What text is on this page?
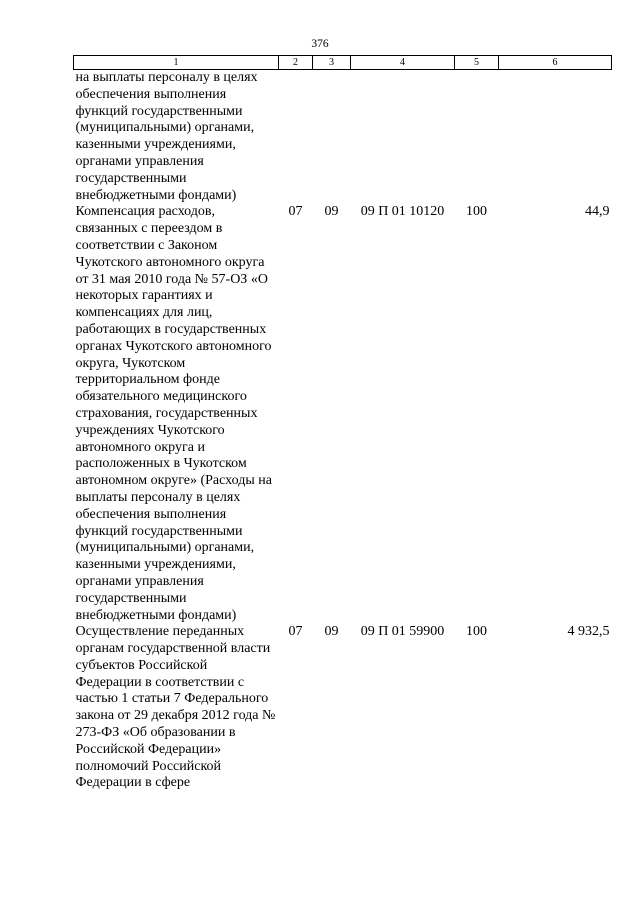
376
1	2	3	4	5	6
на выплаты персоналу в целях обеспечения выполнения функций государственными (муниципальными) органами, казенными учреждениями, органами управления государственными внебюджетными фондами)					
Компенсация расходов, связанных с переездом в соответствии с Законом Чукотского автономного округа от 31 мая 2010 года № 57-ОЗ «О некоторых гарантиях и компенсациях для лиц, работающих в государственных органах Чукотского автономного округа, Чукотском территориальном фонде обязательного медицинского страхования, государственных учреждениях Чукотского автономного округа и расположенных в Чукотском автономном округе» (Расходы на выплаты персоналу в целях обеспечения выполнения функций государственными (муниципальными) органами, казенными учреждениями, органами управления государственными внебюджетными фондами)	07	09	09 П 01 10120	100	44,9
Осуществление переданных органам государственной власти субъектов Российской Федерации в соответствии с частью 1 статьи 7 Федерального закона от 29 декабря 2012 года № 273-ФЗ «Об образовании в Российской Федерации» полномочий Российской Федерации в сфере	07	09	09 П 01 59900	100	4 932,5
